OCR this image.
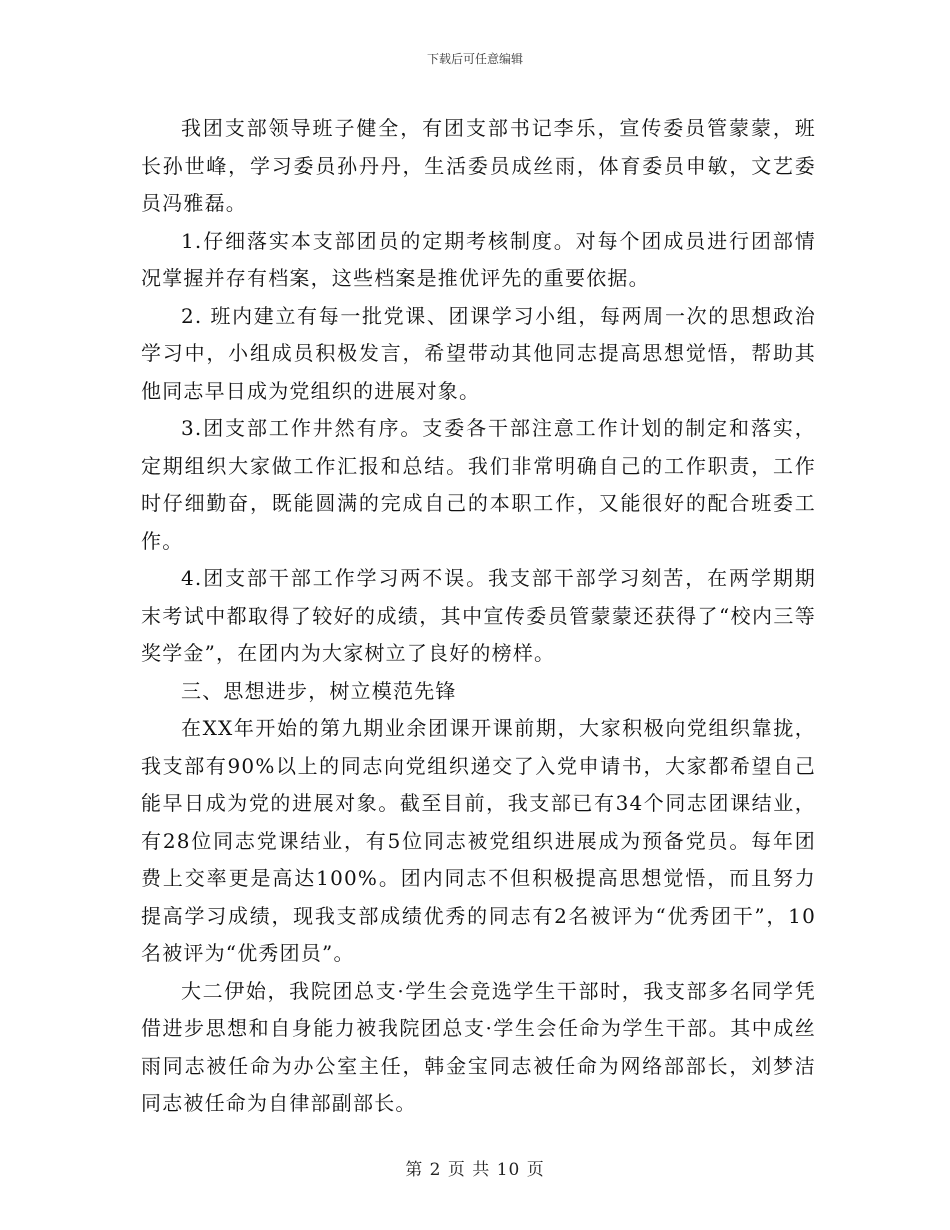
下载后可任意编辑

我团支部领导班子健全，有团支部书记李乐，宣传委员管蒙蒙，班长孙世峰，学习委员孙丹丹，生活委员成丝雨，体育委员申敏，文艺委员冯雅磊。

1.仔细落实本支部团员的定期考核制度。对每个团成员进行团部情况掌握并存有档案，这些档案是推优评先的重要依据。

2. 班内建立有每一批党课、团课学习小组，每两周一次的思想政治学习中，小组成员积极发言，希望带动其他同志提高思想觉悟，帮助其他同志早日成为党组织的进展对象。

3.团支部工作井然有序。支委各干部注意工作计划的制定和落实，定期组织大家做工作汇报和总结。我们非常明确自己的工作职责，工作时仔细勤奋，既能圆满的完成自己的本职工作，又能很好的配合班委工作。

4.团支部干部工作学习两不误。我支部干部学习刻苦，在两学期期末考试中都取得了较好的成绩，其中宣传委员管蒙蒙还获得了“校内三等奖学金”，在团内为大家树立了良好的榜样。

三、思想进步，树立模范先锋

在XX年开始的第九期业余团课开课前期，大家积极向党组织靠拢，我支部有90%以上的同志向党组织递交了入党申请书，大家都希望自己能早日成为党的进展对象。截至目前，我支部已有34个同志团课结业，有28位同志党课结业，有5位同志被党组织进展成为预备党员。每年团费上交率更是高达100%。团内同志不但积极提高思想觉悟，而且努力提高学习成绩，现我支部成绩优秀的同志有2名被评为“优秀团干”，10名被评为“优秀团员”。

大二伊始，我院团总支·学生会竞选学生干部时，我支部多名同学凭借进步思想和自身能力被我院团总支·学生会任命为学生干部。其中成丝雨同志被任命为办公室主任，韩金宝同志被任命为网络部部长，刘梦洁同志被任命为自律部副部长。

第 2 页 共 10 页
